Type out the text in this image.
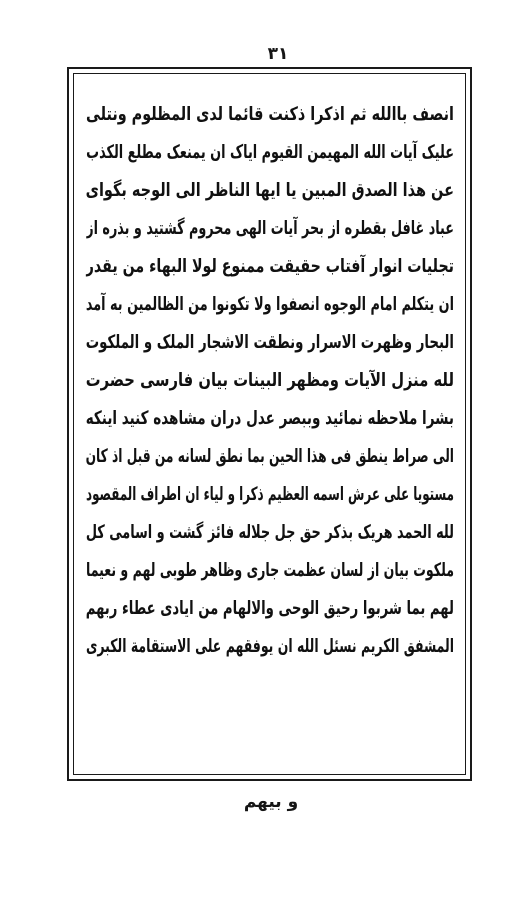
۳۱
انصف باالله ثم اذکرا ذکنت قائما لدی المظلوم ونتلی
علیک آیات الله المهیمن القیوم ایاک ان یمنعک مطلع الکذب
عن هذا الصدق المبین یا ایها الناظر الی الوجه بگوای
عباد غافل بقطره از بحر آیات الهی محروم گشتید و بذره از
تجلیات انوار آفتاب حقیقت ممنوع لولا البهاء من یقدر
ان یتکلم امام الوجوه انصفوا ولا تکونوا من الظالمین به آمد
البحار وظهرت الاسرار ونطقت الاشجار الملک و الملکوت
لله منزل الآیات ومظهر البینات بیان فارسی حضرت
بشرا ملاحظه نمائید وببصر عدل دران مشاهده کنید اینکه
الی صراط ینطق فی هذا الحین بما نطق لسانه من قبل اذ کان
مستویا علی عرش اسمه العظیم ذکرا و لیاء ان اطراف المقصود
لله الحمد هریک بذکر حق جل جلاله فائز گشت و اسامی کل
ملکوت بیان از لسان عظمت جاری وظاهر طوبی لهم و نعیما
لهم بما شربوا رحیق الوحی والالهام من ایادی عطاء ربهم
المشفق الکریم نسئل الله ان یوفقهم علی الاستقامة الکبری
و بیهم
